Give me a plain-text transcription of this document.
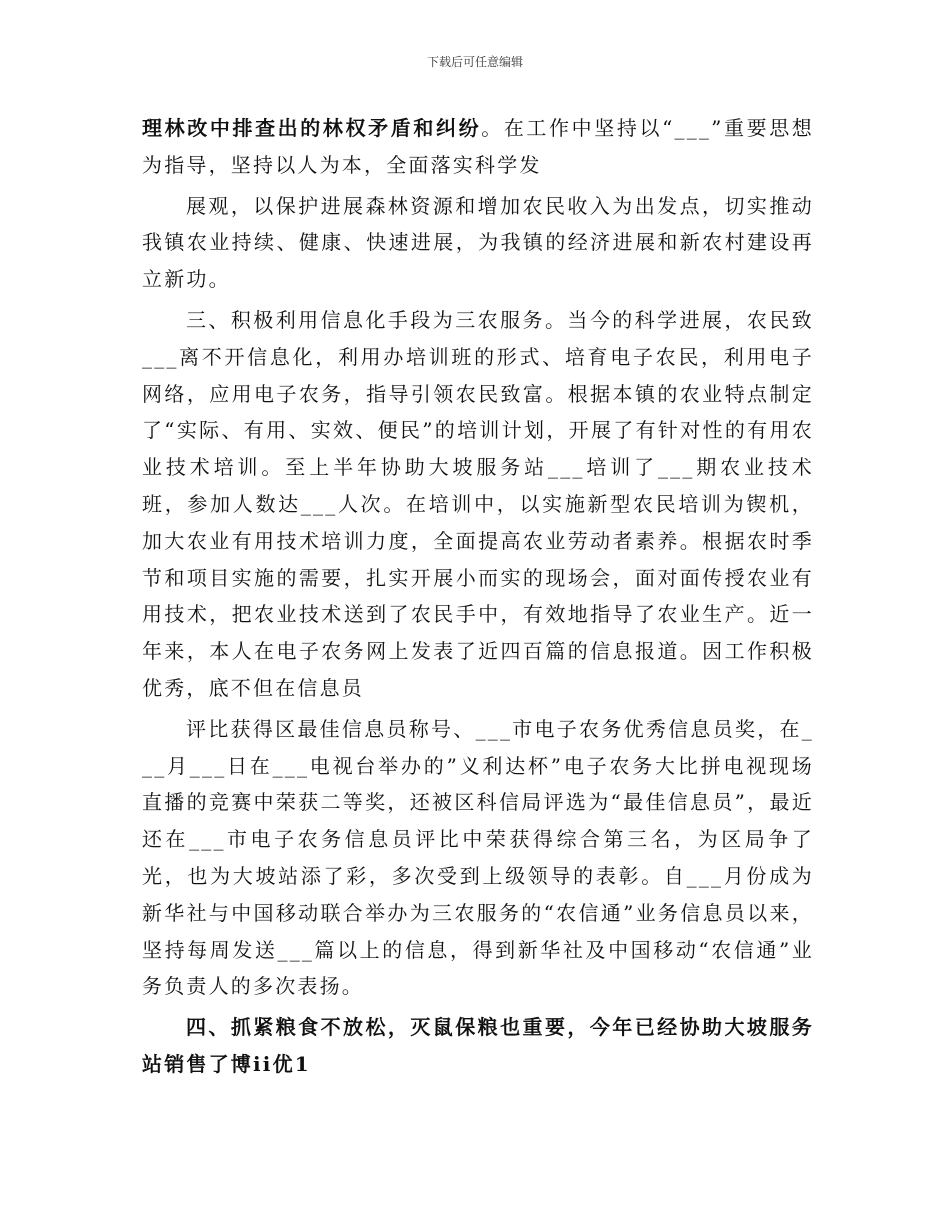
下载后可任意编辑

理林改中排查出的林权矛盾和纠纷。在工作中坚持以“___”重要思想为指导，坚持以人为本，全面落实科学发

展观，以保护进展森林资源和增加农民收入为出发点，切实推动我镇农业持续、健康、快速进展，为我镇的经济进展和新农村建设再立新功。

三、积极利用信息化手段为三农服务。当今的科学进展，农民致___离不开信息化，利用办培训班的形式、培育电子农民，利用电子网络，应用电子农务，指导引领农民致富。根据本镇的农业特点制定了“实际、有用、实效、便民”的培训计划，开展了有针对性的有用农业技术培训。至上半年协助大坡服务站___培训了___期农业技术班，参加人数达___人次。在培训中，以实施新型农民培训为锲机，加大农业有用技术培训力度，全面提高农业劳动者素养。根据农时季节和项目实施的需要，扎实开展小而实的现场会，面对面传授农业有用技术，把农业技术送到了农民手中，有效地指导了农业生产。近一年来，本人在电子农务网上发表了近四百篇的信息报道。因工作积极优秀，底不但在信息员

评比获得区最佳信息员称号、___市电子农务优秀信息员奖，在___月___日在___电视台举办的”义利达杯”电子农务大比拼电视现场直播的竞赛中荣获二等奖，还被区科信局评选为“最佳信息员”，最近还在___市电子农务信息员评比中荣获得综合第三名，为区局争了光，也为大坡站添了彩，多次受到上级领导的表彰。自___月份成为新华社与中国移动联合举办为三农服务的“农信通”业务信息员以来，坚持每周发送___篇以上的信息，得到新华社及中国移动“农信通”业务负责人的多次表扬。

四、抓紧粮食不放松，灭鼠保粮也重要，今年已经协助大坡服务站销售了博ii优1
